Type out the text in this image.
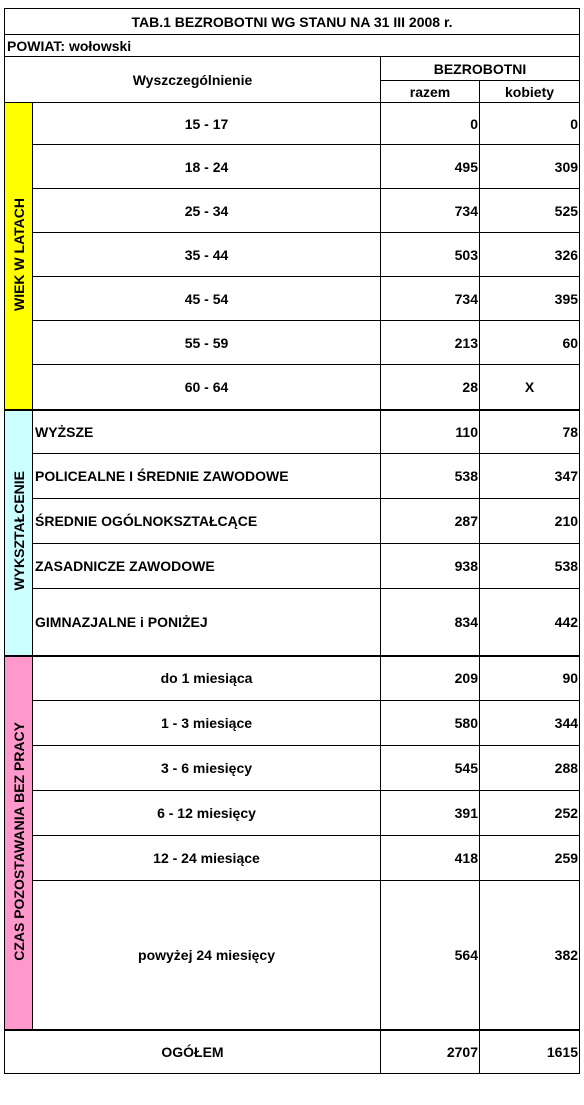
TAB.1 BEZROBOTNI WG STANU NA 31 III 2008 r.			
POWIAT: wołowski			
Wyszczególnienie		BEZROBOTNI	
		razem	kobiety
WIEK W LATACH	15 - 17	0	0
	18 - 24	495	309
	25 - 34	734	525
	35 - 44	503	326
	45 - 54	734	395
	55 - 59	213	60
	60 - 64	28	X
WYKSZTAŁCENIE	WYŻSZE	110	78
	POLICEALNE I ŚREDNIE ZAWODOWE	538	347
	ŚREDNIE OGÓLNOKSZTAŁCĄCE	287	210
	ZASADNICZE ZAWODOWE	938	538
	GIMNAZJALNE i PONIŻEJ	834	442
CZAS POZOSTAWANIA BEZ PRACY	do 1 miesiąca	209	90
	1 - 3 miesiące	580	344
	3 - 6 miesięcy	545	288
	6 - 12 miesięcy	391	252
	12 - 24 miesiące	418	259
	powyżej 24 miesięcy	564	382
OGÓŁEM		2707	1615
